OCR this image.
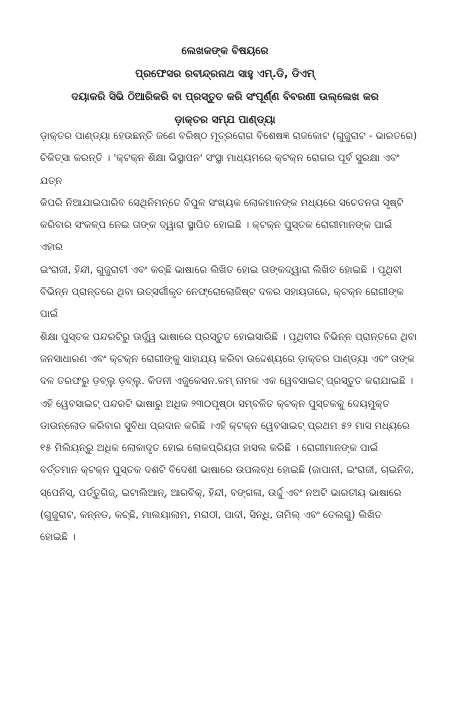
ଲେଖକଙ୍କ ବିଷୟରେ
ପ୍ରଫେସର ରବୀନ୍ଦ୍ରନାଥ ସାହୁ ଏମ୍.ଡି, ଡିଏମ୍
ଦୟାକରି ସିଭି ଠିଆରିକରି ବା ପ୍ରସ୍ତୁତ କରି ସଂପୂର୍ଣ୍ଣ ବିବରଣୀ ଉଲ୍ଲେଖ କର
ଡ଼ାକ୍ତର ସମ୍ଯ ପାଣ୍ଡ୍ୟା
ଡ଼ାକ୍ତର ପାଣ୍ଡ୍ୟା ହେଉଛନ୍ତି ଜଣେ ବରିଷ୍ଠ ମୂତ୍ରରୋଗ ବିଶେଷଜ୍ଞ ରାଜକୋଟ (ଗୁଜୁରାଟ - ଭାରତରେ)
ଚିକିତ୍ସା କରନ୍ତି । 'କ୍ଟକ୍ନ ଶିକ୍ଷା ଭି​ସ୍ଥାପନ' ସଂସ୍ଥା ମାଧ୍ୟମରେ କ୍ଟକ୍ନ ରୋଗର ପୂର୍ବ ସୁରକ୍ଷା ଏବଂ ଯତ୍ନ
କିପରି ନିଆଯାଇପାରିବ ସେଥିନିମନ୍ତେ ବିପୁଳ ସଂଖ୍ୟକ ଲୋକମାନଙ୍କ ମଧ୍ୟରେ ସଚେତନତା ସୃଷ୍ଟି
କରିବାର ସଂକଳ୍ପ ନେଇ ତାଙ୍କ ଦ୍ୱାରା ସ୍ଥାପିତ ହୋଇଛି । କ୍ଟକ୍ନ ପୁସ୍ତକ ରୋଗୀମାନଙ୍କ ପାଇଁ ଏହାର
ଇଂରାଜୀ, ହିନ୍ଦୀ, ଗୁଜୁରାଟୀ ଏବଂ କଚ୍ଛି ଭାଷାରେ ଲିଖିତ ହୋଇ ତାଙ୍କଦ୍ୱାରା ଲିଖିତ ହୋଇଛି । ପୃଥିବୀ
ବିଭିନ୍ନ ପ୍ରାନ୍ତରେ ଥିବା ଉତ୍ସର୍ଗୀକୃତ ନେଫ୍ରୋଲୋଜିଷ୍ଟ ଦଳର ସହାୟତାରେ, କ୍ଟକ୍ନ ରୋଗୀଙ୍କ ପାଇଁ
ଶିକ୍ଷା ପୁସ୍ତକ ପନ୍ଦରଟିରୁ ଊର୍ଦ୍ଧ୍ୱ ଭାଷାରେ ପ୍ରସ୍ତୁତ ହୋଇସାରିଛି । ପୃଥିବୀର ବିଭିନ୍ନ ପ୍ରାନ୍ତରେ ଥିବା
ଜନସାଧାରଣ ଏବଂ କ୍ଟକ୍ନ ରୋଗୀଙ୍କୁ ସାହାଯ୍ୟ କରିବା ଉଦ୍ଦେଶ୍ୟରେ ଡ଼ାକ୍ତର ପାଣ୍ଡ୍ୟା ଏବଂ ତାଙ୍କ
ଦଳ ତରଫରୁ ଡ଼ବ୍ଲୁ ଡ଼ବ୍ଲୁ. କିଡନୀ ଏଜୁକେସନ.କମ୍ ନାମକ ଏକ ୱେବସାଇଟ୍ ପ୍ରସ୍ତୁତ କରାଯାଇଛି ।
ଏହି ୱେବସାଇଟ୍ ପନ୍ଦରଟି ଭାଷାରୁ ଅଧିକ ୨୩୦ପୃଷ୍ଠା ସମ୍ବଳିତ କ୍ଟକ୍ନ ପୁସ୍ତକକୁ ଦେୟମୁକ୍ତ
ଡାଉନ୍‌ଲୋଡ କରିବାର ସୁବିଧା ପ୍ରଦାନ କରିଛି ।ଏହି କ୍ଟକ୍ନ ୱେବସାଇଟ୍ ପ୍ରଥମ ୫୨ ମାସ ମଧ୍ୟରେ
୧୫ ମିଲିୟନ୍‌ରୁ ଅଧିକ ଲୋକାଦୃତ ହୋଇ ଲୋକପ୍ରିୟତା ହାସଲ କରିଛି । ରୋଗୀମାନଙ୍କ ପାଇଁ
ବର୍ତ୍ତମାନ କ୍ଟକ୍ନ ପୁସ୍ତକ ଦଶଟି ବିଦେଶୀ ଭାଷାରେ ଉପଲବ୍ଧ ହୋଇଛି (ଜାପାନୀ, ଇଂରାଜୀ, ଚାଇନିଜ,
ସ୍ପେନିସ୍, ପର୍ତ୍ତୁଗିଜ୍, ଇଟାଲିଆନ୍, ଆରବିକ୍, ହିନ୍ଦୀ, ବଙ୍ଗଳା, ଉର୍ଦ୍ଦୁ ଏବଂ ନଅଟି ଭାରତୀୟ ଭାଷାରେ
(ଗୁଜୁରାଟ, କନ୍ନଡ, କଚ୍ଛି, ମାଲୟାଲାମ, ମରାଠୀ, ପାଦୀ, ସିନ୍ଧି, ତାମିଲ୍ ଏବଂ ତେଲଗୁ) ଲିଖିତ
ହୋଇଛି ।
